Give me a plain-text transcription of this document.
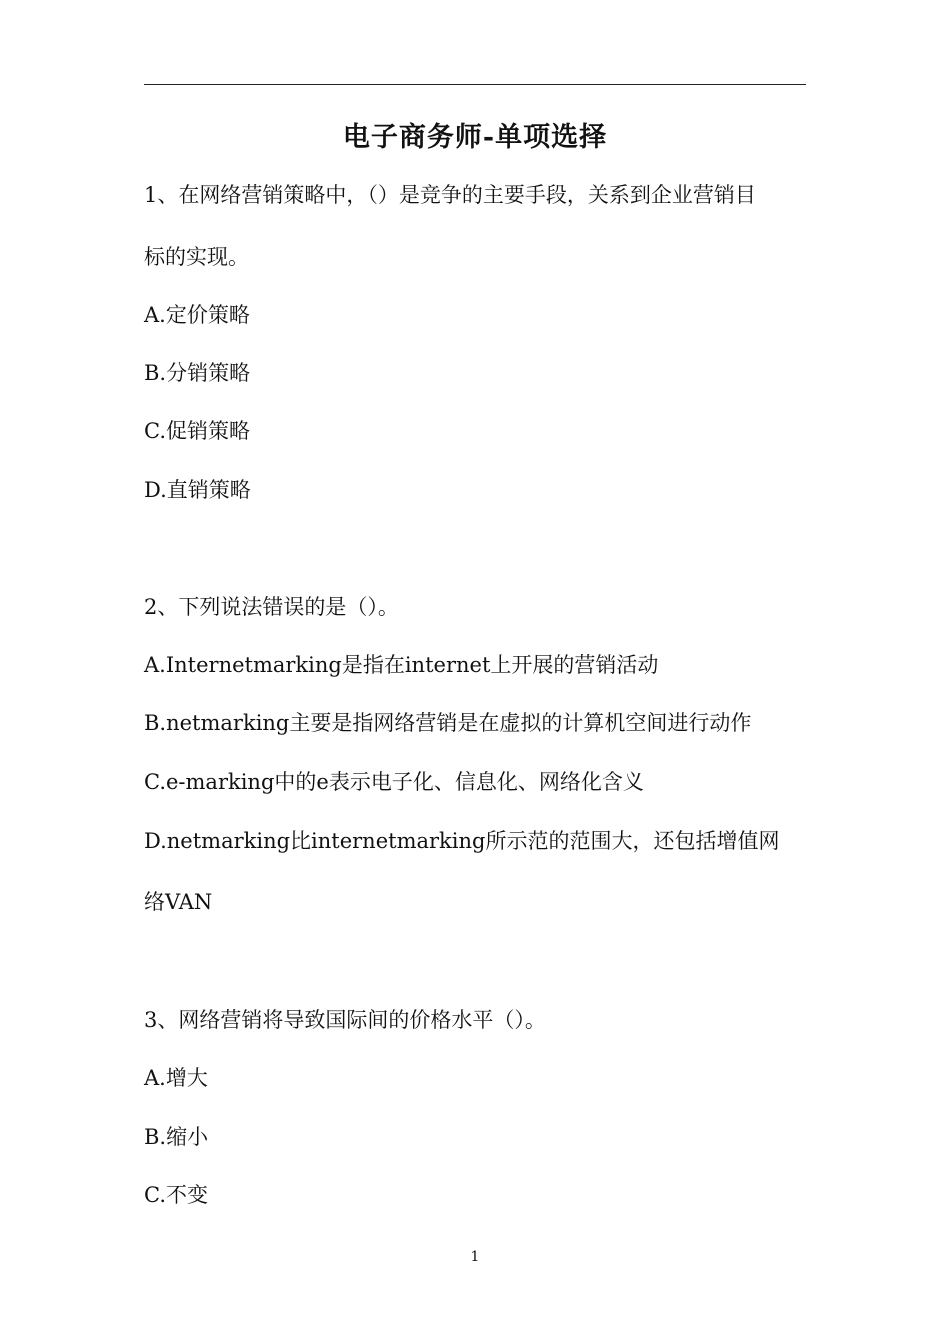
电子商务师-单项选择
1、在网络营销策略中，（）是竞争的主要手段，关系到企业营销目
标的实现。
A.定价策略
B.分销策略
C.促销策略
D.直销策略
2、下列说法错误的是（）。
A.Internetmarking是指在internet上开展的营销活动
B.netmarking主要是指网络营销是在虚拟的计算机空间进行动作
C.e-marking中的e表示电子化、信息化、网络化含义
D.netmarking比internetmarking所示范的范围大，还包括增值网
络VAN
3、网络营销将导致国际间的价格水平（）。
A.增大
B.缩小
C.不变
1
